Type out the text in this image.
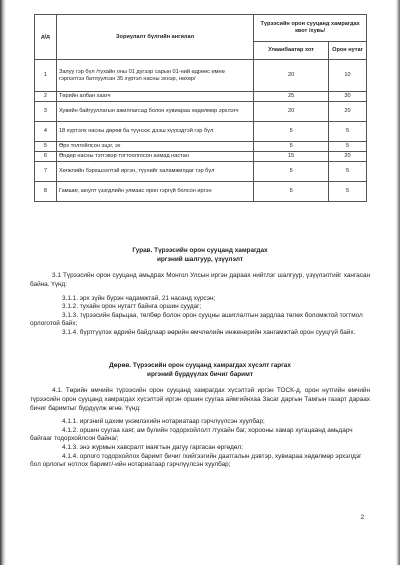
д/д	Зориулалт бүлгийн ангилал	Түрээсийн орон сууцанд хамрагдах квот /хувь/	
		Улаанбаатар хот	Орон нутаг
1	Залуу гэр бүл /тухайн оны 01 дүгээр сарын 01-ний өдрөөс өмнө гэрлэлтээ батлуулсан 35 хүртэл насны эхнэр, нөхөр/	20	10
2	Төрийн албан хаагч	25	30
3	Хувийн байгууллагын ажиллагсад болон хувиараа хөдөлмөр эрхлэгч	20	20
4	18 хүртэлх насны дөрөв ба түүнээс дээш хүүхэдтэй гэр бүл	5	5
5	Өрх толгойлсон эцэг, эх	5	5
6	Өндөр насны тэтгэвэр тогтоолгосон ахмад настан	15	20
7	Хөгжлийн бэрхшээлтэй иргэн, түүнийг халамжилдаг гэр бүл	5	5
8	Гамшиг, аюулт үзэгдлийн улмаас орон гэргүй болсон иргэн	5	5
Гурав. Түрээсийн орон сууцанд хамрагдах
иргэний шалгуур, үзүүлэлт

3.1 Түрээсийн орон сууцанд амьдрах Монгол Улсын иргэн дараах нийтлэг шалгуур, үзүүлэлтийг хангасан байна. Үүнд:

3.1.1. эрх зүйн бүрэн чадамжтай, 21 насанд хүрсэн;

3.1.2. тухайн орон нутагт байнга оршин суудаг;

3.1.3. түрээсийн барьцаа, төлбөр болон орон сууцны ашиглалтын зардлаа төлөх боломжтой тогтмол орлоготой байх;

3.1.4. бүртгүүлэх өдрийн байдлаар өөрийн өмчлөлийн инженерийн хангамжтай орон сууцгүй байх.

Дөрөв. Түрээсийн орон сууцанд хамрагдах хүсэлт гаргах
иргэний бүрдүүлэх бичиг баримт

4.1. Төрийн өмчийн түрээсийн орон сууцанд хамрагдах хүсэлтэй иргэн ТОСК-д, орон нутгийн өмчийн түрээсийн орон сууцанд хамрагдах хүсэлтэй иргэн оршин суугаа аймгийнхаа Засаг даргын Тамгын газарт дараах бичиг баримтыг бүрдүүлж өгнө. Үүнд:

4.1.1. иргэний цахим үнэмлэхийн нотариатаар гэрчлүүлсэн хуулбар;

4.1.2. оршин суугаа хаяг, ам бүлийн тодорхойлолт /тухайн баг, хорооны хамар хугацаанд амьдарч байгааг тодорхойлсон байна/;

4.1.3. энэ журмын хавсралт маягтын дагуу гаргасан өргөдөл;

4.1.4. орлого тодорхойлох баримт бичиг /хийгээгийн даатгалын дэвтэр, хувиараа хөдөлмөр эрхэлдэг бол орлогыг нотлох баримт/-ийн нотариатаар гэрчлүүлсэн хуулбар;

2
